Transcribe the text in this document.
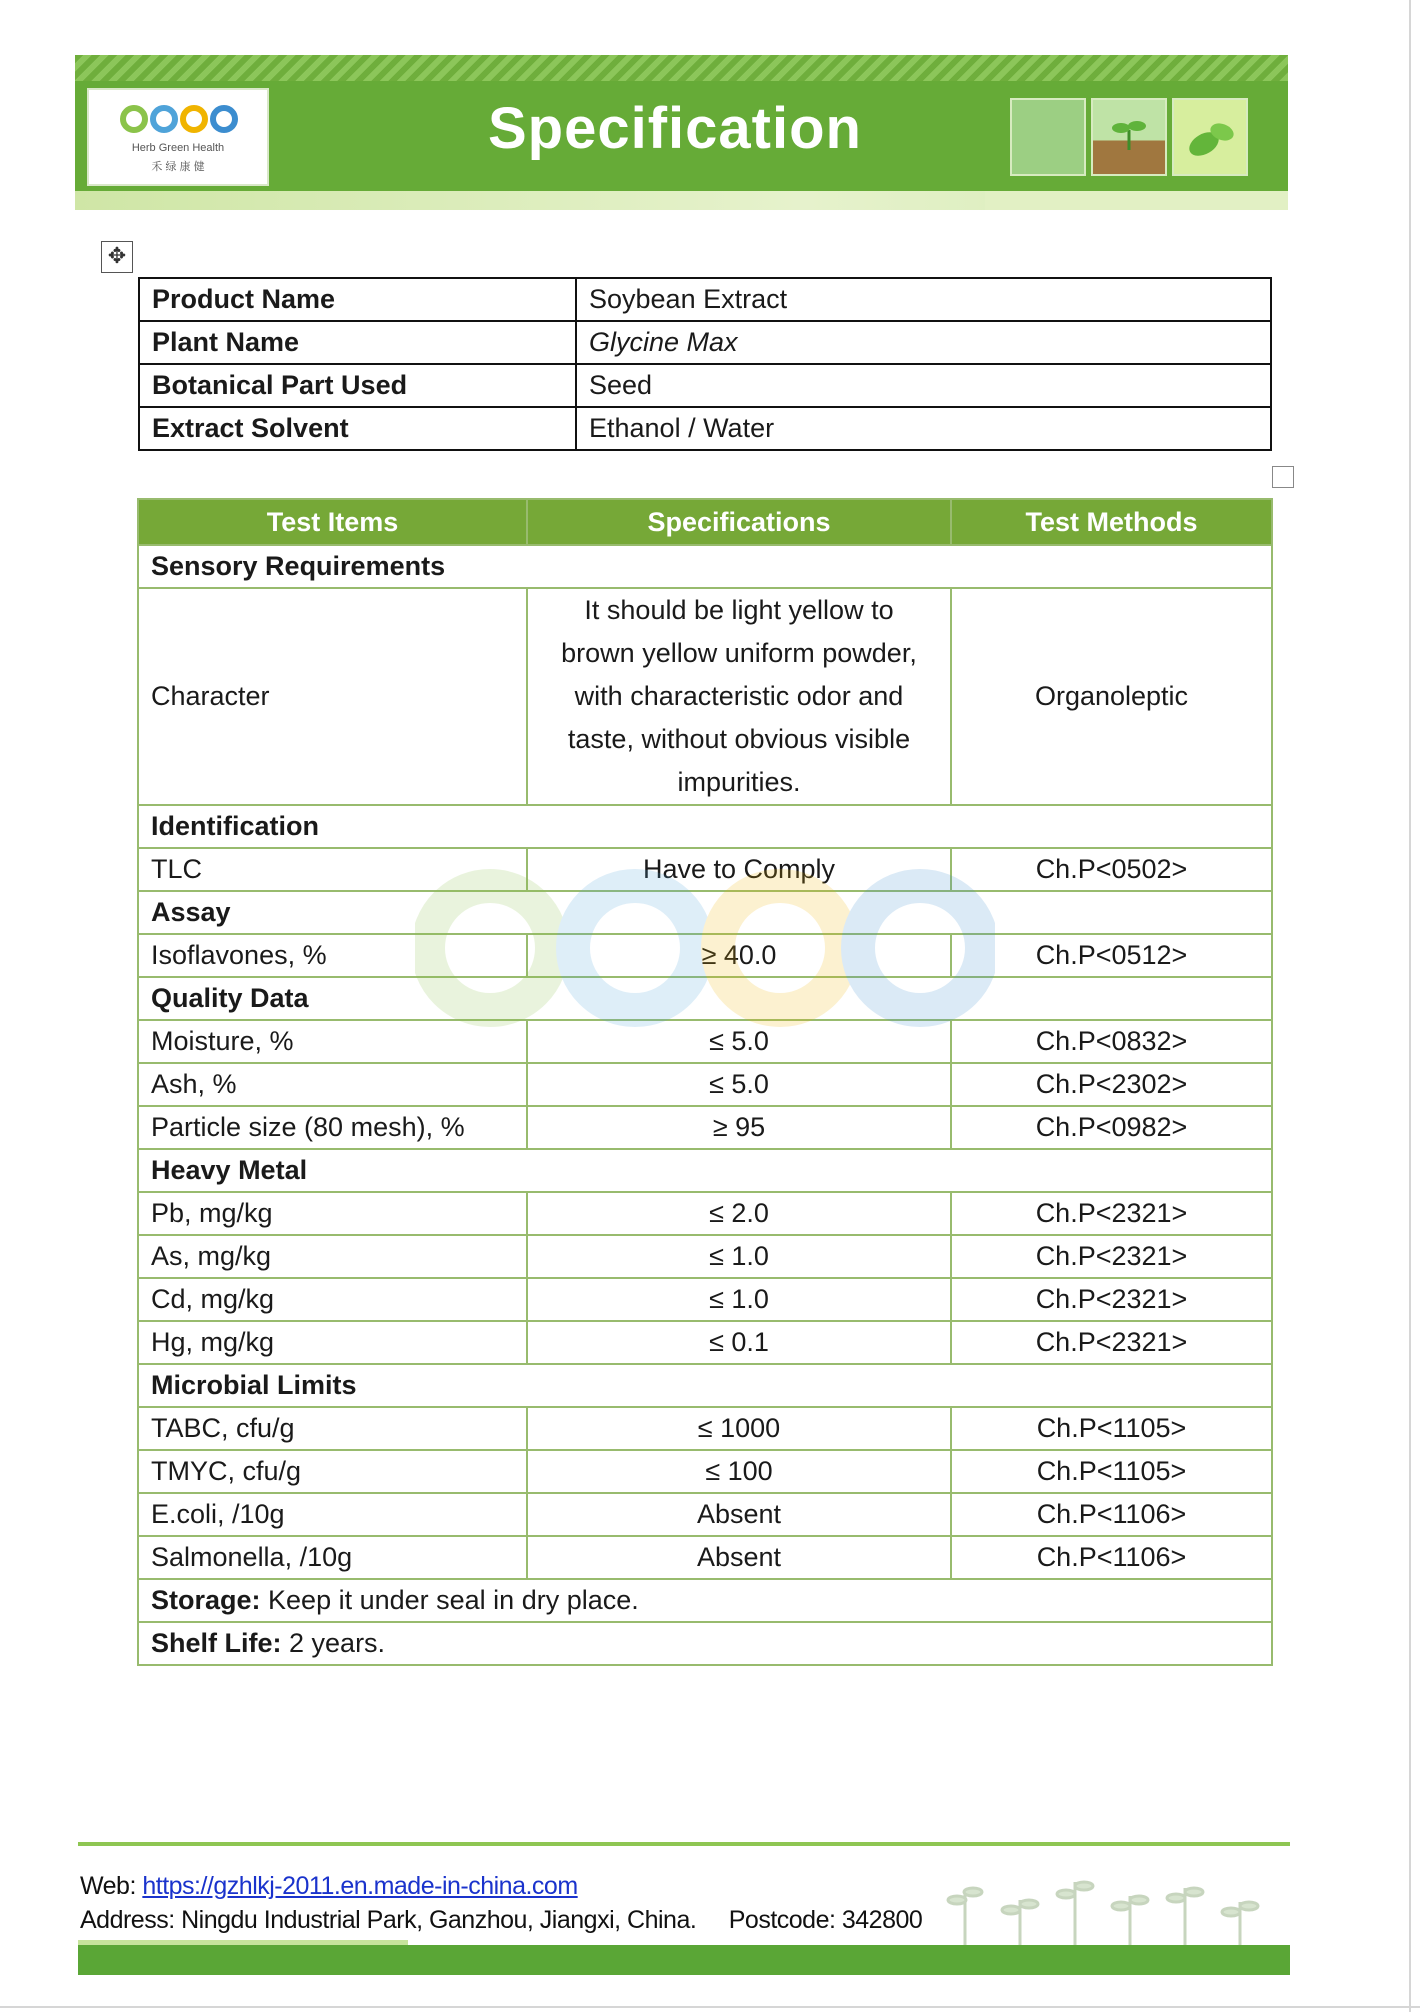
Herb Green Health
禾 绿 康 健
Specification
✥
Product Name	Soybean Extract
Plant Name	Glycine Max
Botanical Part Used	Seed
Extract Solvent	Ethanol / Water
Test Items	Specifications	Test Methods
Sensory Requirements		
Character	It should be light yellow to
brown yellow uniform powder,
with characteristic odor and
taste, without obvious visible
impurities.	Organoleptic
Identification		
TLC	Have to Comply	Ch.P<0502>
Assay		
Isoflavones, %	≥ 40.0	Ch.P<0512>
Quality Data		
Moisture, %	≤ 5.0	Ch.P<0832>
Ash, %	≤ 5.0	Ch.P<2302>
Particle size (80 mesh), %	≥ 95	Ch.P<0982>
Heavy Metal		
Pb, mg/kg	≤ 2.0	Ch.P<2321>
As, mg/kg	≤ 1.0	Ch.P<2321>
Cd, mg/kg	≤ 1.0	Ch.P<2321>
Hg, mg/kg	≤ 0.1	Ch.P<2321>
Microbial Limits		
TABC, cfu/g	≤ 1000	Ch.P<1105>
TMYC, cfu/g	≤ 100	Ch.P<1105>
E.coli, /10g	Absent	Ch.P<1106>
Salmonella, /10g	Absent	Ch.P<1106>
Storage: Keep it under seal in dry place.		
Shelf Life: 2 years.		
Web: https://gzhlkj-2011.en.made-in-china.com
Address: Ningdu Industrial Park, Ganzhou, Jiangxi, China. Postcode: 342800
